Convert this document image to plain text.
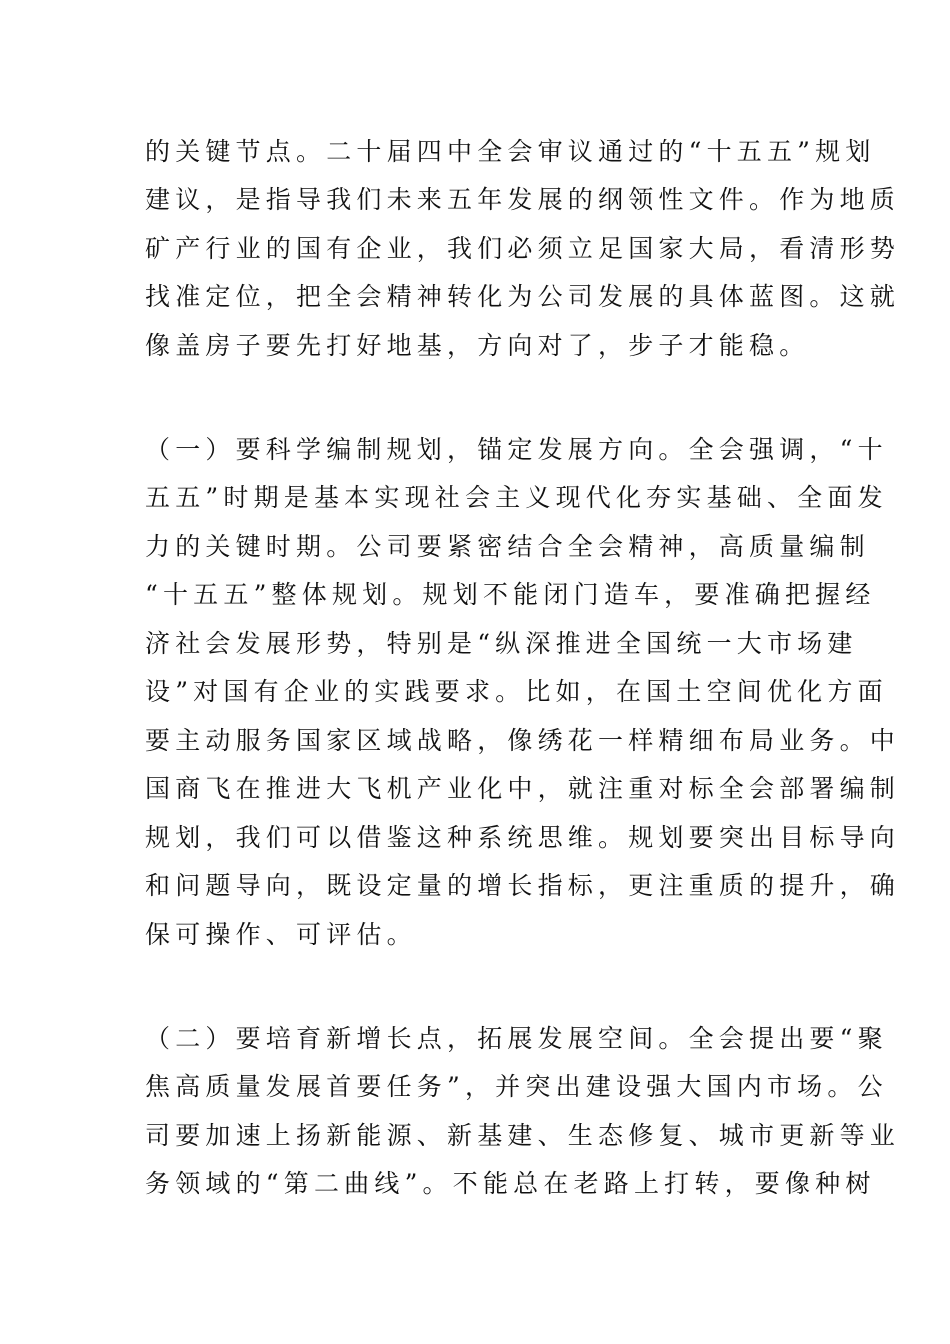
的关键节点。二十届四中全会审议通过的“十五五”规划
建议，是指导我们未来五年发展的纲领性文件。作为地质
矿产行业的国有企业，我们必须立足国家大局，看清形势
找准定位，把全会精神转化为公司发展的具体蓝图。这就
像盖房子要先打好地基，方向对了，步子才能稳。
（一）要科学编制规划，锚定发展方向。全会强调，“十
五五”时期是基本实现社会主义现代化夯实基础、全面发
力的关键时期。公司要紧密结合全会精神，高质量编制
“十五五”整体规划。规划不能闭门造车，要准确把握经
济社会发展形势，特别是“纵深推进全国统一大市场建
设”对国有企业的实践要求。比如，在国土空间优化方面
要主动服务国家区域战略，像绣花一样精细布局业务。中
国商飞在推进大飞机产业化中，就注重对标全会部署编制
规划，我们可以借鉴这种系统思维。规划要突出目标导向
和问题导向，既设定量的增长指标，更注重质的提升，确
保可操作、可评估。
（二）要培育新增长点，拓展发展空间。全会提出要“聚
焦高质量发展首要任务”，并突出建设强大国内市场。公
司要加速上扬新能源、新基建、生态修复、城市更新等业
务领域的“第二曲线”。不能总在老路上打转，要像种树
